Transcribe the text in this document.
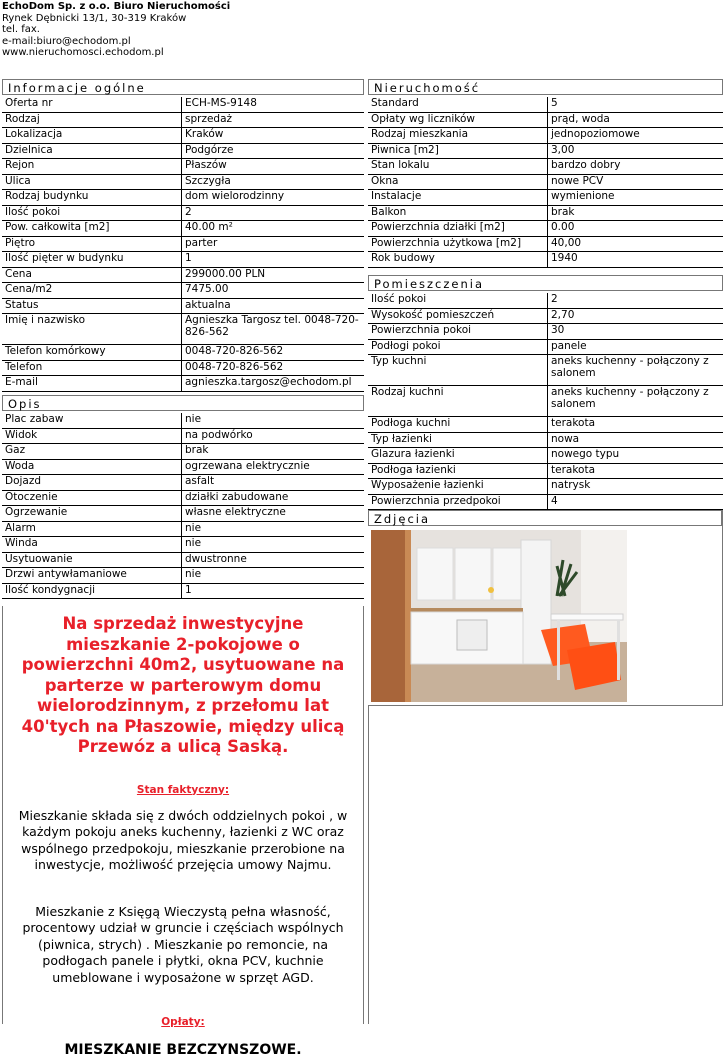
EchoDom Sp. z o.o. Biuro Nieruchomości
Rynek Dębnicki 13/1, 30-319 Kraków
tel. fax.
e-mail:biuro@echodom.pl
www.nieruchomosci.echodom.pl
Informacje ogólne
Oferta nr	ECH-MS-9148
Rodzaj	sprzedaż
Lokalizacja	Kraków
Dzielnica	Podgórze
Rejon	Płaszów
Ulica	Szczygła
Rodzaj budynku	dom wielorodzinny
Ilość pokoi	2
Pow. całkowita [m2]	40.00 m²
Piętro	parter
Ilość pięter w budynku	1
Cena	299000.00 PLN
Cena/m2	7475.00
Status	aktualna
Imię i nazwisko	Agnieszka Targosz tel. 0048-720-826-562
Telefon komórkowy	0048-720-826-562
Telefon	0048-720-826-562
E-mail	agnieszka.targosz@echodom.pl
Opis
Plac zabaw	nie
Widok	na podwórko
Gaz	brak
Woda	ogrzewana elektrycznie
Dojazd	asfalt
Otoczenie	działki zabudowane
Ogrzewanie	własne elektryczne
Alarm	nie
Winda	nie
Usytuowanie	dwustronne
Drzwi antywłamaniowe	nie
Ilość kondygnacji	1
Nieruchomość
Standard	5
Opłaty wg liczników	prąd, woda
Rodzaj mieszkania	jednopoziomowe
Piwnica [m2]	3,00
Stan lokalu	bardzo dobry
Okna	nowe PCV
Instalacje	wymienione
Balkon	brak
Powierzchnia działki [m2]	0.00
Powierzchnia użytkowa [m2]	40,00
Rok budowy	1940
Pomieszczenia
Ilość pokoi	2
Wysokość pomieszczeń	2,70
Powierzchnia pokoi	30
Podłogi pokoi	panele
Typ kuchni	aneks kuchenny - połączony z salonem
Rodzaj kuchni	aneks kuchenny - połączony z salonem
Podłoga kuchni	terakota
Typ łazienki	nowa
Glazura łazienki	nowego typu
Podłoga łazienki	terakota
Wyposażenie łazienki	natrysk
Powierzchnia przedpokoi	4
Zdjęcia
Na sprzedaż inwestycyjne mieszkanie 2-pokojowe o powierzchni 40m2, usytuowane na parterze w parterowym domu wielorodzinnym, z przełomu lat 40'tych na Płaszowie, między ulicą Przewóz a ulicą Saską.
Stan faktyczny:
Mieszkanie składa się z dwóch oddzielnych pokoi , w każdym pokoju aneks kuchenny, łazienki z WC oraz wspólnego przedpokoju, mieszkanie przerobione na inwestycje, możliwość przejęcia umowy Najmu.
Mieszkanie z Księgą Wieczystą pełna własność, procentowy udział w gruncie i częściach wspólnych (piwnica, strych) . Mieszkanie po remoncie, na podłogach panele i płytki, okna PCV, kuchnie umeblowane i wyposażone w sprzęt AGD.
Opłaty:
MIESZKANIE BEZCZYNSZOWE.
